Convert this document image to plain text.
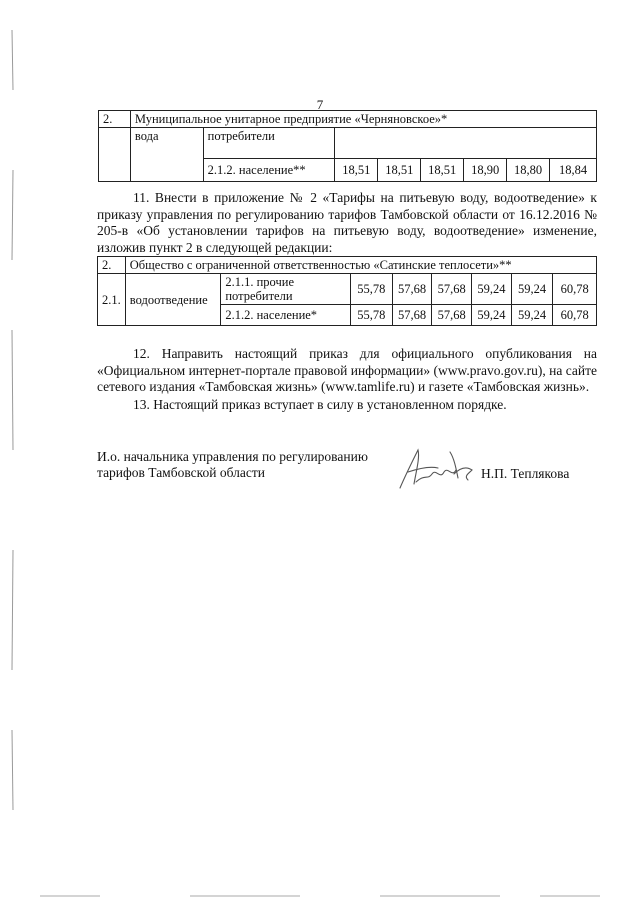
7
2.	Муниципальное унитарное предприятие «Черняновское»*							
	вода	потребители						
		2.1.2. население**	18,51	18,51	18,51	18,90	18,80	18,84
11. Внести в приложение № 2 «Тарифы на питьевую воду, водоотведение» к приказу управления по регулированию тарифов Тамбовской области от 16.12.2016 № 205-в «Об установлении тарифов на питьевую воду, водоотведение» изменение, изложив пункт 2 в следующей редакции:
2.	Общество с ограниченной ответственностью «Сатинские теплосети»**							
2.1.	водоотведение	2.1.1. прочие потребители	55,78	57,68	57,68	59,24	59,24	60,78
		2.1.2. население*	55,78	57,68	57,68	59,24	59,24	60,78
12. Направить настоящий приказ для официального опубликования на «Официальном интернет-портале правовой информации» (www.pravo.gov.ru), на сайте сетевого издания «Тамбовская жизнь» (www.tamlife.ru) и газете «Тамбовская жизнь».
13. Настоящий приказ вступает в силу в установленном порядке.
И.о. начальника управления по регулированию
тарифов Тамбовской области	Н.П. Теплякова
